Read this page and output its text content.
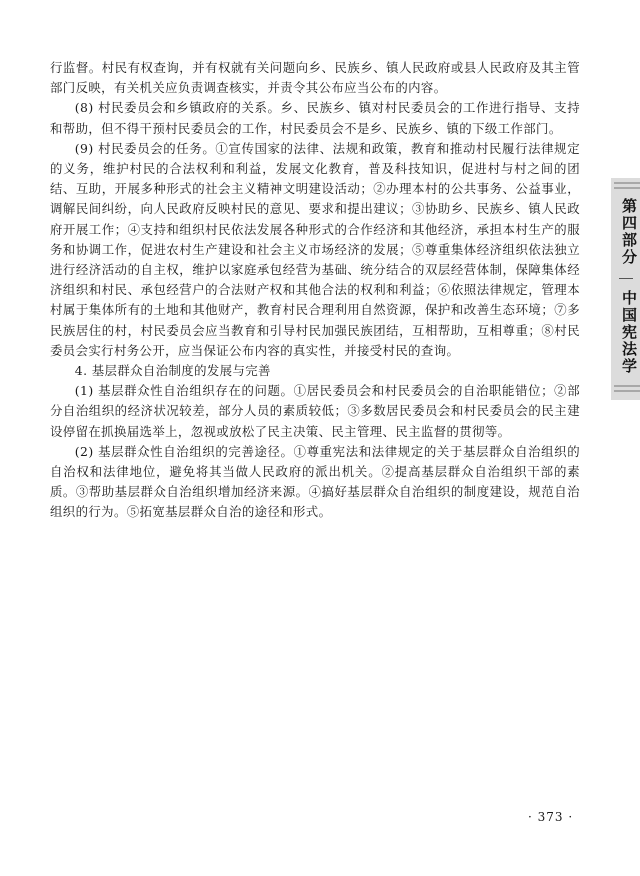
行监督。村民有权查询，并有权就有关问题向乡、民族乡、镇人民政府或县人民政府及其主管部门反映，有关机关应负责调查核实，并责令其公布应当公布的内容。

(8) 村民委员会和乡镇政府的关系。乡、民族乡、镇对村民委员会的工作进行指导、支持和帮助，但不得干预村民委员会的工作，村民委员会不是乡、民族乡、镇的下级工作部门。

(9) 村民委员会的任务。①宣传国家的法律、法规和政策，教育和推动村民履行法律规定的义务，维护村民的合法权利和利益，发展文化教育，普及科技知识，促进村与村之间的团结、互助，开展多种形式的社会主义精神文明建设活动；②办理本村的公共事务、公益事业，调解民间纠纷，向人民政府反映村民的意见、要求和提出建议；③协助乡、民族乡、镇人民政府开展工作；④支持和组织村民依法发展各种形式的合作经济和其他经济，承担本村生产的服务和协调工作，促进农村生产建设和社会主义市场经济的发展；⑤尊重集体经济组织依法独立进行经济活动的自主权，维护以家庭承包经营为基础、统分结合的双层经营体制，保障集体经济组织和村民、承包经营户的合法财产权和其他合法的权利和利益；⑥依照法律规定，管理本村属于集体所有的土地和其他财产，教育村民合理利用自然资源，保护和改善生态环境；⑦多民族居住的村，村民委员会应当教育和引导村民加强民族团结，互相帮助，互相尊重；⑧村民委员会实行村务公开，应当保证公布内容的真实性，并接受村民的查询。

4. 基层群众自治制度的发展与完善

(1) 基层群众性自治组织存在的问题。①居民委员会和村民委员会的自治职能错位；②部分自治组织的经济状况较差，部分人员的素质较低；③多数居民委员会和村民委员会的民主建设停留在抓换届选举上，忽视或放松了民主决策、民主管理、民主监督的贯彻等。

(2) 基层群众性自治组织的完善途径。①尊重宪法和法律规定的关于基层群众自治组织的自治权和法律地位，避免将其当做人民政府的派出机关。②提高基层群众自治组织干部的素质。③帮助基层群众自治组织增加经济来源。④搞好基层群众自治组织的制度建设，规范自治组织的行为。⑤拓宽基层群众自治的途径和形式。

第四部分
中国宪法学
· 373 ·
